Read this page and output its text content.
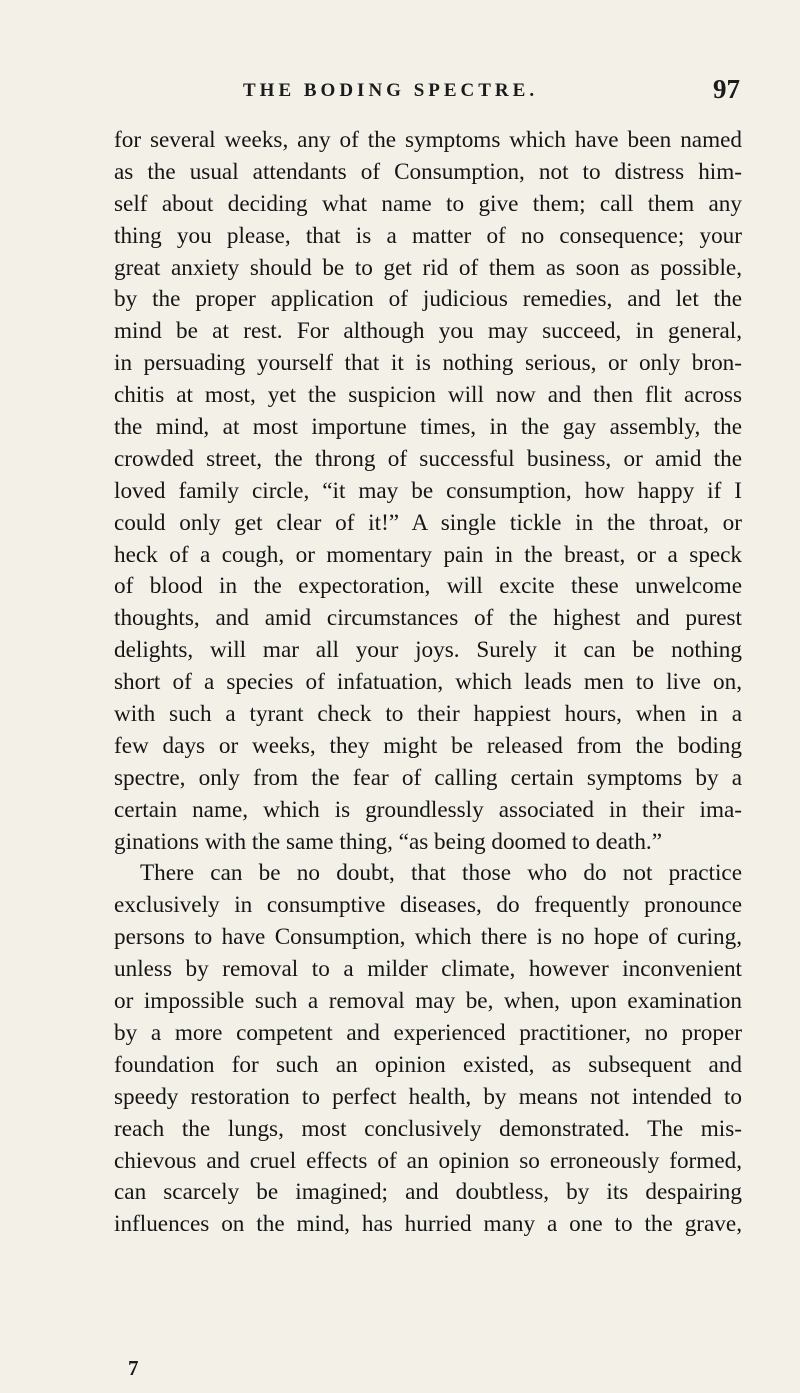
THE BODING SPECTRE.	97
for several weeks, any of the symptoms which have been named
as the usual attendants of Consumption, not to distress him-
self about deciding what name to give them; call them any
thing you please, that is a matter of no consequence; your
great anxiety should be to get rid of them as soon as possible,
by the proper application of judicious remedies, and let the
mind be at rest. For although you may succeed, in general,
in persuading yourself that it is nothing serious, or only bron-
chitis at most, yet the suspicion will now and then flit across
the mind, at most importune times, in the gay assembly, the
crowded street, the throng of successful business, or amid the
loved family circle, “it may be consumption, how happy if I
could only get clear of it!” A single tickle in the throat, or
heck of a cough, or momentary pain in the breast, or a speck
of blood in the expectoration, will excite these unwelcome
thoughts, and amid circumstances of the highest and purest
delights, will mar all your joys. Surely it can be nothing
short of a species of infatuation, which leads men to live on,
with such a tyrant check to their happiest hours, when in a
few days or weeks, they might be released from the boding
spectre, only from the fear of calling certain symptoms by a
certain name, which is groundlessly associated in their ima-
ginations with the same thing, “as being doomed to death.”
There can be no doubt, that those who do not practice
exclusively in consumptive diseases, do frequently pronounce
persons to have Consumption, which there is no hope of curing,
unless by removal to a milder climate, however inconvenient
or impossible such a removal may be, when, upon examination
by a more competent and experienced practitioner, no proper
foundation for such an opinion existed, as subsequent and
speedy restoration to perfect health, by means not intended to
reach the lungs, most conclusively demonstrated. The mis-
chievous and cruel effects of an opinion so erroneously formed,
can scarcely be imagined; and doubtless, by its despairing
influences on the mind, has hurried many a one to the grave,
7
